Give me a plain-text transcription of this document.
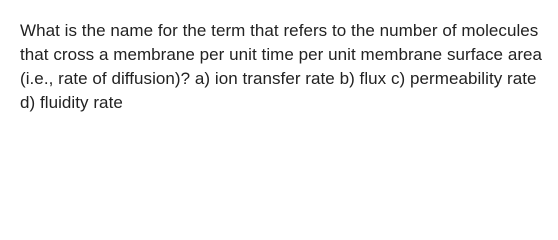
What is the name for the term that refers to the number of molecules that cross a membrane per unit time per unit membrane surface area (i.e., rate of diffusion)? a) ion transfer rate b) flux c) permeability rate d) fluidity rate
